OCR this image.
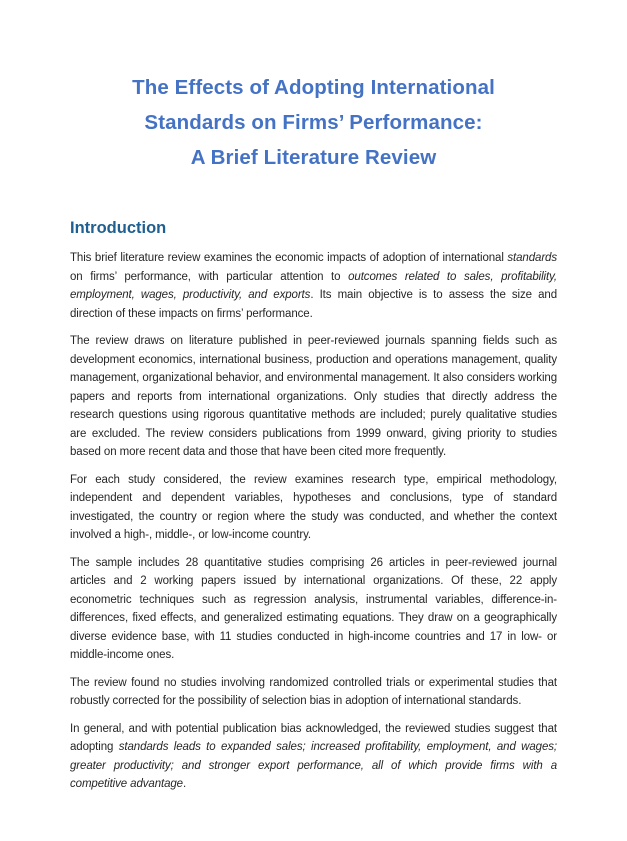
The Effects of Adopting International
Standards on Firms’ Performance:
A Brief Literature Review
Introduction

This brief literature review examines the economic impacts of adoption of international standards on firms’ performance, with particular attention to outcomes related to sales, profitability, employment, wages, productivity, and exports. Its main objective is to assess the size and direction of these impacts on firms’ performance.

The review draws on literature published in peer-reviewed journals spanning fields such as development economics, international business, production and operations management, quality management, organizational behavior, and environmental management. It also considers working papers and reports from international organizations. Only studies that directly address the research questions using rigorous quantitative methods are included; purely qualitative studies are excluded. The review considers publications from 1999 onward, giving priority to studies based on more recent data and those that have been cited more frequently.

For each study considered, the review examines research type, empirical methodology, independent and dependent variables, hypotheses and conclusions, type of standard investigated, the country or region where the study was conducted, and whether the context involved a high-, middle-, or low-income country.

The sample includes 28 quantitative studies comprising 26 articles in peer-reviewed journal articles and 2 working papers issued by international organizations. Of these, 22 apply econometric techniques such as regression analysis, instrumental variables, difference-in-differences, fixed effects, and generalized estimating equations. They draw on a geographically diverse evidence base, with 11 studies conducted in high-income countries and 17 in low- or middle-income ones.

The review found no studies involving randomized controlled trials or experimental studies that robustly corrected for the possibility of selection bias in adoption of international standards.

In general, and with potential publication bias acknowledged, the reviewed studies suggest that adopting standards leads to expanded sales; increased profitability, employment, and wages; greater productivity; and stronger export performance, all of which provide firms with a competitive advantage.
